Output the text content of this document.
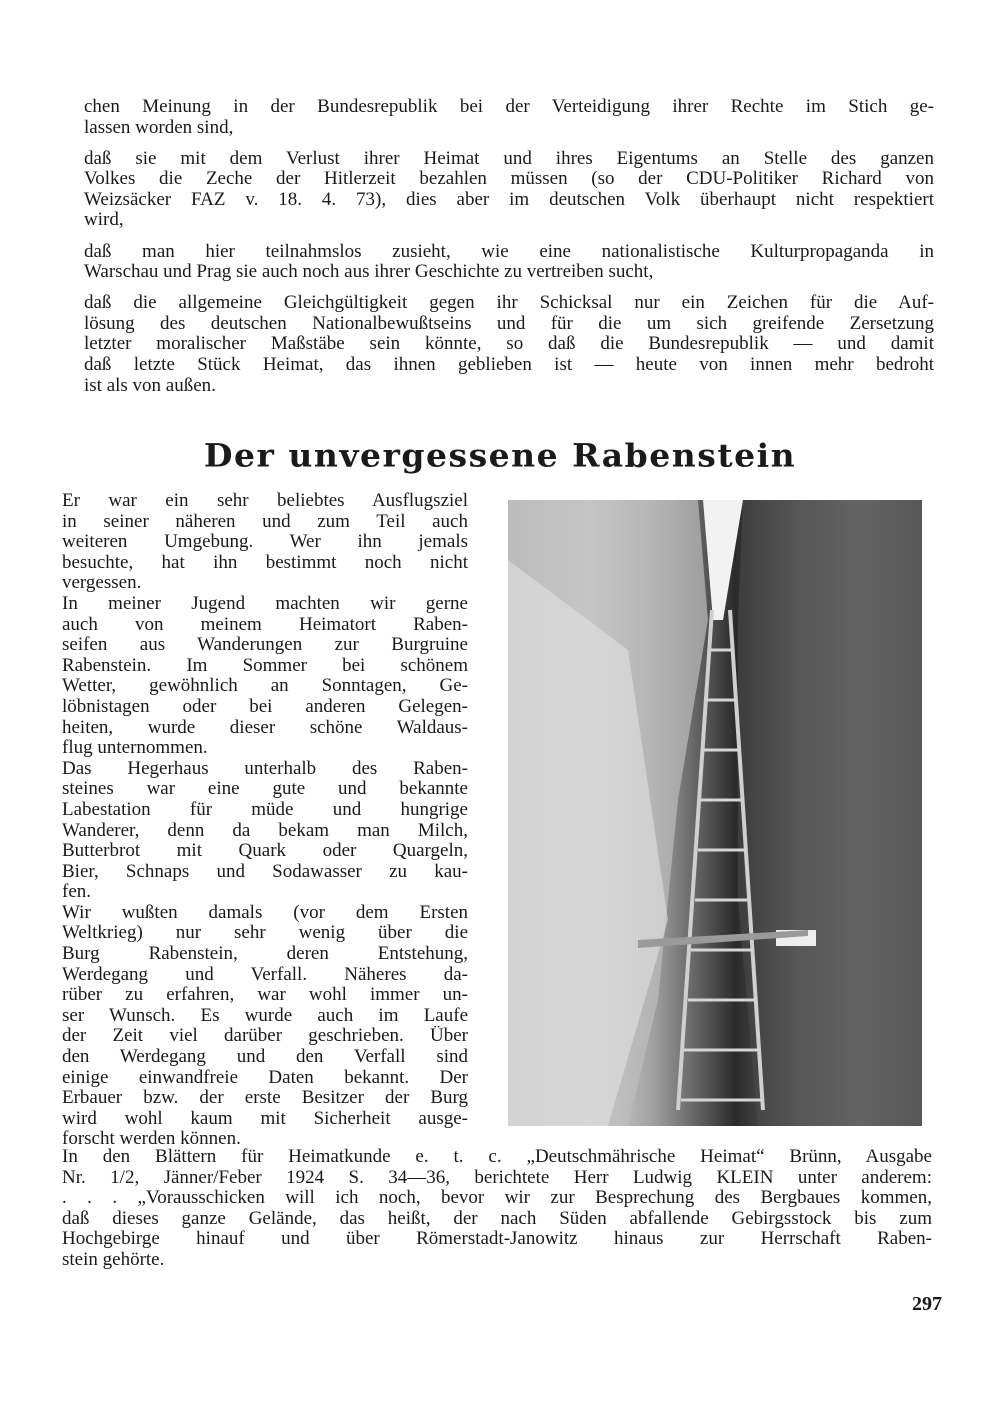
chen Meinung in der Bundesrepublik bei der Verteidigung ihrer Rechte im Stich ge-
lassen worden sind,
daß sie mit dem Verlust ihrer Heimat und ihres Eigentums an Stelle des ganzen
Volkes die Zeche der Hitlerzeit bezahlen müssen (so der CDU-Politiker Richard von
Weizsäcker FAZ v. 18. 4. 73), dies aber im deutschen Volk überhaupt nicht respektiert
wird,
daß man hier teilnahmslos zusieht, wie eine nationalistische Kulturpropaganda in
Warschau und Prag sie auch noch aus ihrer Geschichte zu vertreiben sucht,
daß die allgemeine Gleichgültigkeit gegen ihr Schicksal nur ein Zeichen für die Auf-
lösung des deutschen Nationalbewußtseins und für die um sich greifende Zersetzung
letzter moralischer Maßstäbe sein könnte, so daß die Bundesrepublik — und damit
daß letzte Stück Heimat, das ihnen geblieben ist — heute von innen mehr bedroht
ist als von außen.
Der unvergessene Rabenstein
Er war ein sehr beliebtes Ausflugsziel
in seiner näheren und zum Teil auch
weiteren Umgebung. Wer ihn jemals
besuchte, hat ihn bestimmt noch nicht
vergessen.
In meiner Jugend machten wir gerne
auch von meinem Heimatort Raben-
seifen aus Wanderungen zur Burgruine
Rabenstein. Im Sommer bei schönem
Wetter, gewöhnlich an Sonntagen, Ge-
löbnistagen oder bei anderen Gelegen-
heiten, wurde dieser schöne Waldaus-
flug unternommen.
Das Hegerhaus unterhalb des Raben-
steines war eine gute und bekannte
Labestation für müde und hungrige
Wanderer, denn da bekam man Milch,
Butterbrot mit Quark oder Quargeln,
Bier, Schnaps und Sodawasser zu kau-
fen.
Wir wußten damals (vor dem Ersten
Weltkrieg) nur sehr wenig über die
Burg Rabenstein, deren Entstehung,
Werdegang und Verfall. Näheres da-
rüber zu erfahren, war wohl immer un-
ser Wunsch. Es wurde auch im Laufe
der Zeit viel darüber geschrieben. Über
den Werdegang und den Verfall sind
einige einwandfreie Daten bekannt. Der
Erbauer bzw. der erste Besitzer der Burg
wird wohl kaum mit Sicherheit ausge-
forscht werden können.
In den Blättern für Heimatkunde e. t. c. „Deutschmährische Heimat“ Brünn, Ausgabe
Nr. 1/2, Jänner/Feber 1924 S. 34—36, berichtete Herr Ludwig KLEIN unter anderem:
. . . „Vorausschicken will ich noch, bevor wir zur Besprechung des Bergbaues kommen,
daß dieses ganze Gelände, das heißt, der nach Süden abfallende Gebirgsstock bis zum
Hochgebirge hinauf und über Römerstadt-Janowitz hinaus zur Herrschaft Raben-
stein gehörte.
297
